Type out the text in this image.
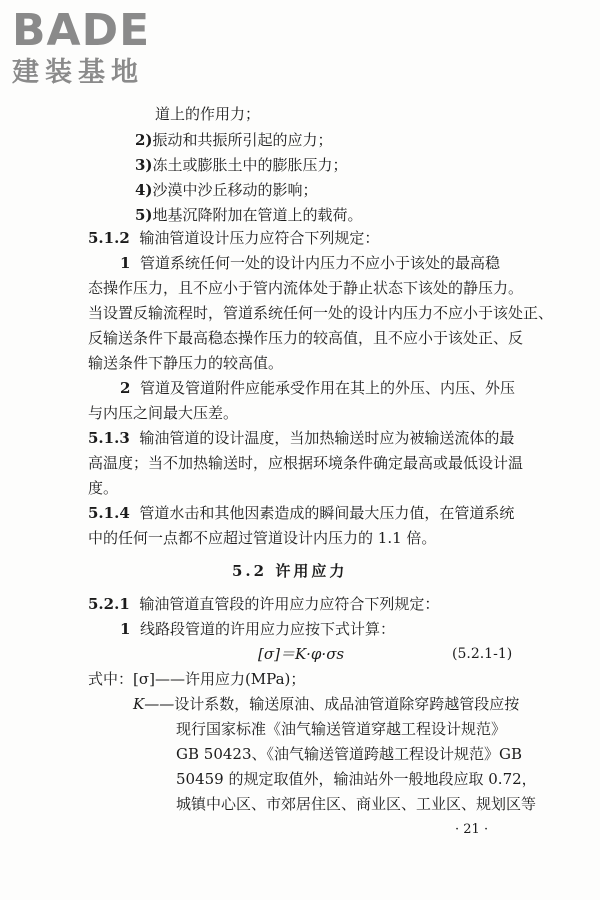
BADE
建装基地
道上的作用力；
2)振动和共振所引起的应力；
3)冻土或膨胀土中的膨胀压力；
4)沙漠中沙丘移动的影响；
5)地基沉降附加在管道上的载荷。
5.1.2 输油管道设计压力应符合下列规定：
1 管道系统任何一处的设计内压力不应小于该处的最高稳
态操作压力，且不应小于管内流体处于静止状态下该处的静压力。
当设置反输流程时，管道系统任何一处的设计内压力不应小于该处正、
反输送条件下最高稳态操作压力的较高值，且不应小于该处正、反
输送条件下静压力的较高值。
2 管道及管道附件应能承受作用在其上的外压、内压、外压
与内压之间最大压差。
5.1.3 输油管道的设计温度，当加热输送时应为被输送流体的最
高温度；当不加热输送时，应根据环境条件确定最高或最低设计温
度。
5.1.4 管道水击和其他因素造成的瞬间最大压力值，在管道系统
中的任何一点都不应超过管道设计内压力的 1.1 倍。
5.2 许用应力
5.2.1 输油管道直管段的许用应力应符合下列规定：
1 线路段管道的许用应力应按下式计算：
[σ]＝K·φ·σs	(5.2.1-1)
式中：[σ]——许用应力(MPa)；
K——设计系数，输送原油、成品油管道除穿跨越管段应按
现行国家标准《油气输送管道穿越工程设计规范》
GB 50423、《油气输送管道跨越工程设计规范》GB
50459 的规定取值外，输油站外一般地段应取 0.72，
城镇中心区、市郊居住区、商业区、工业区、规划区等
· 21 ·
